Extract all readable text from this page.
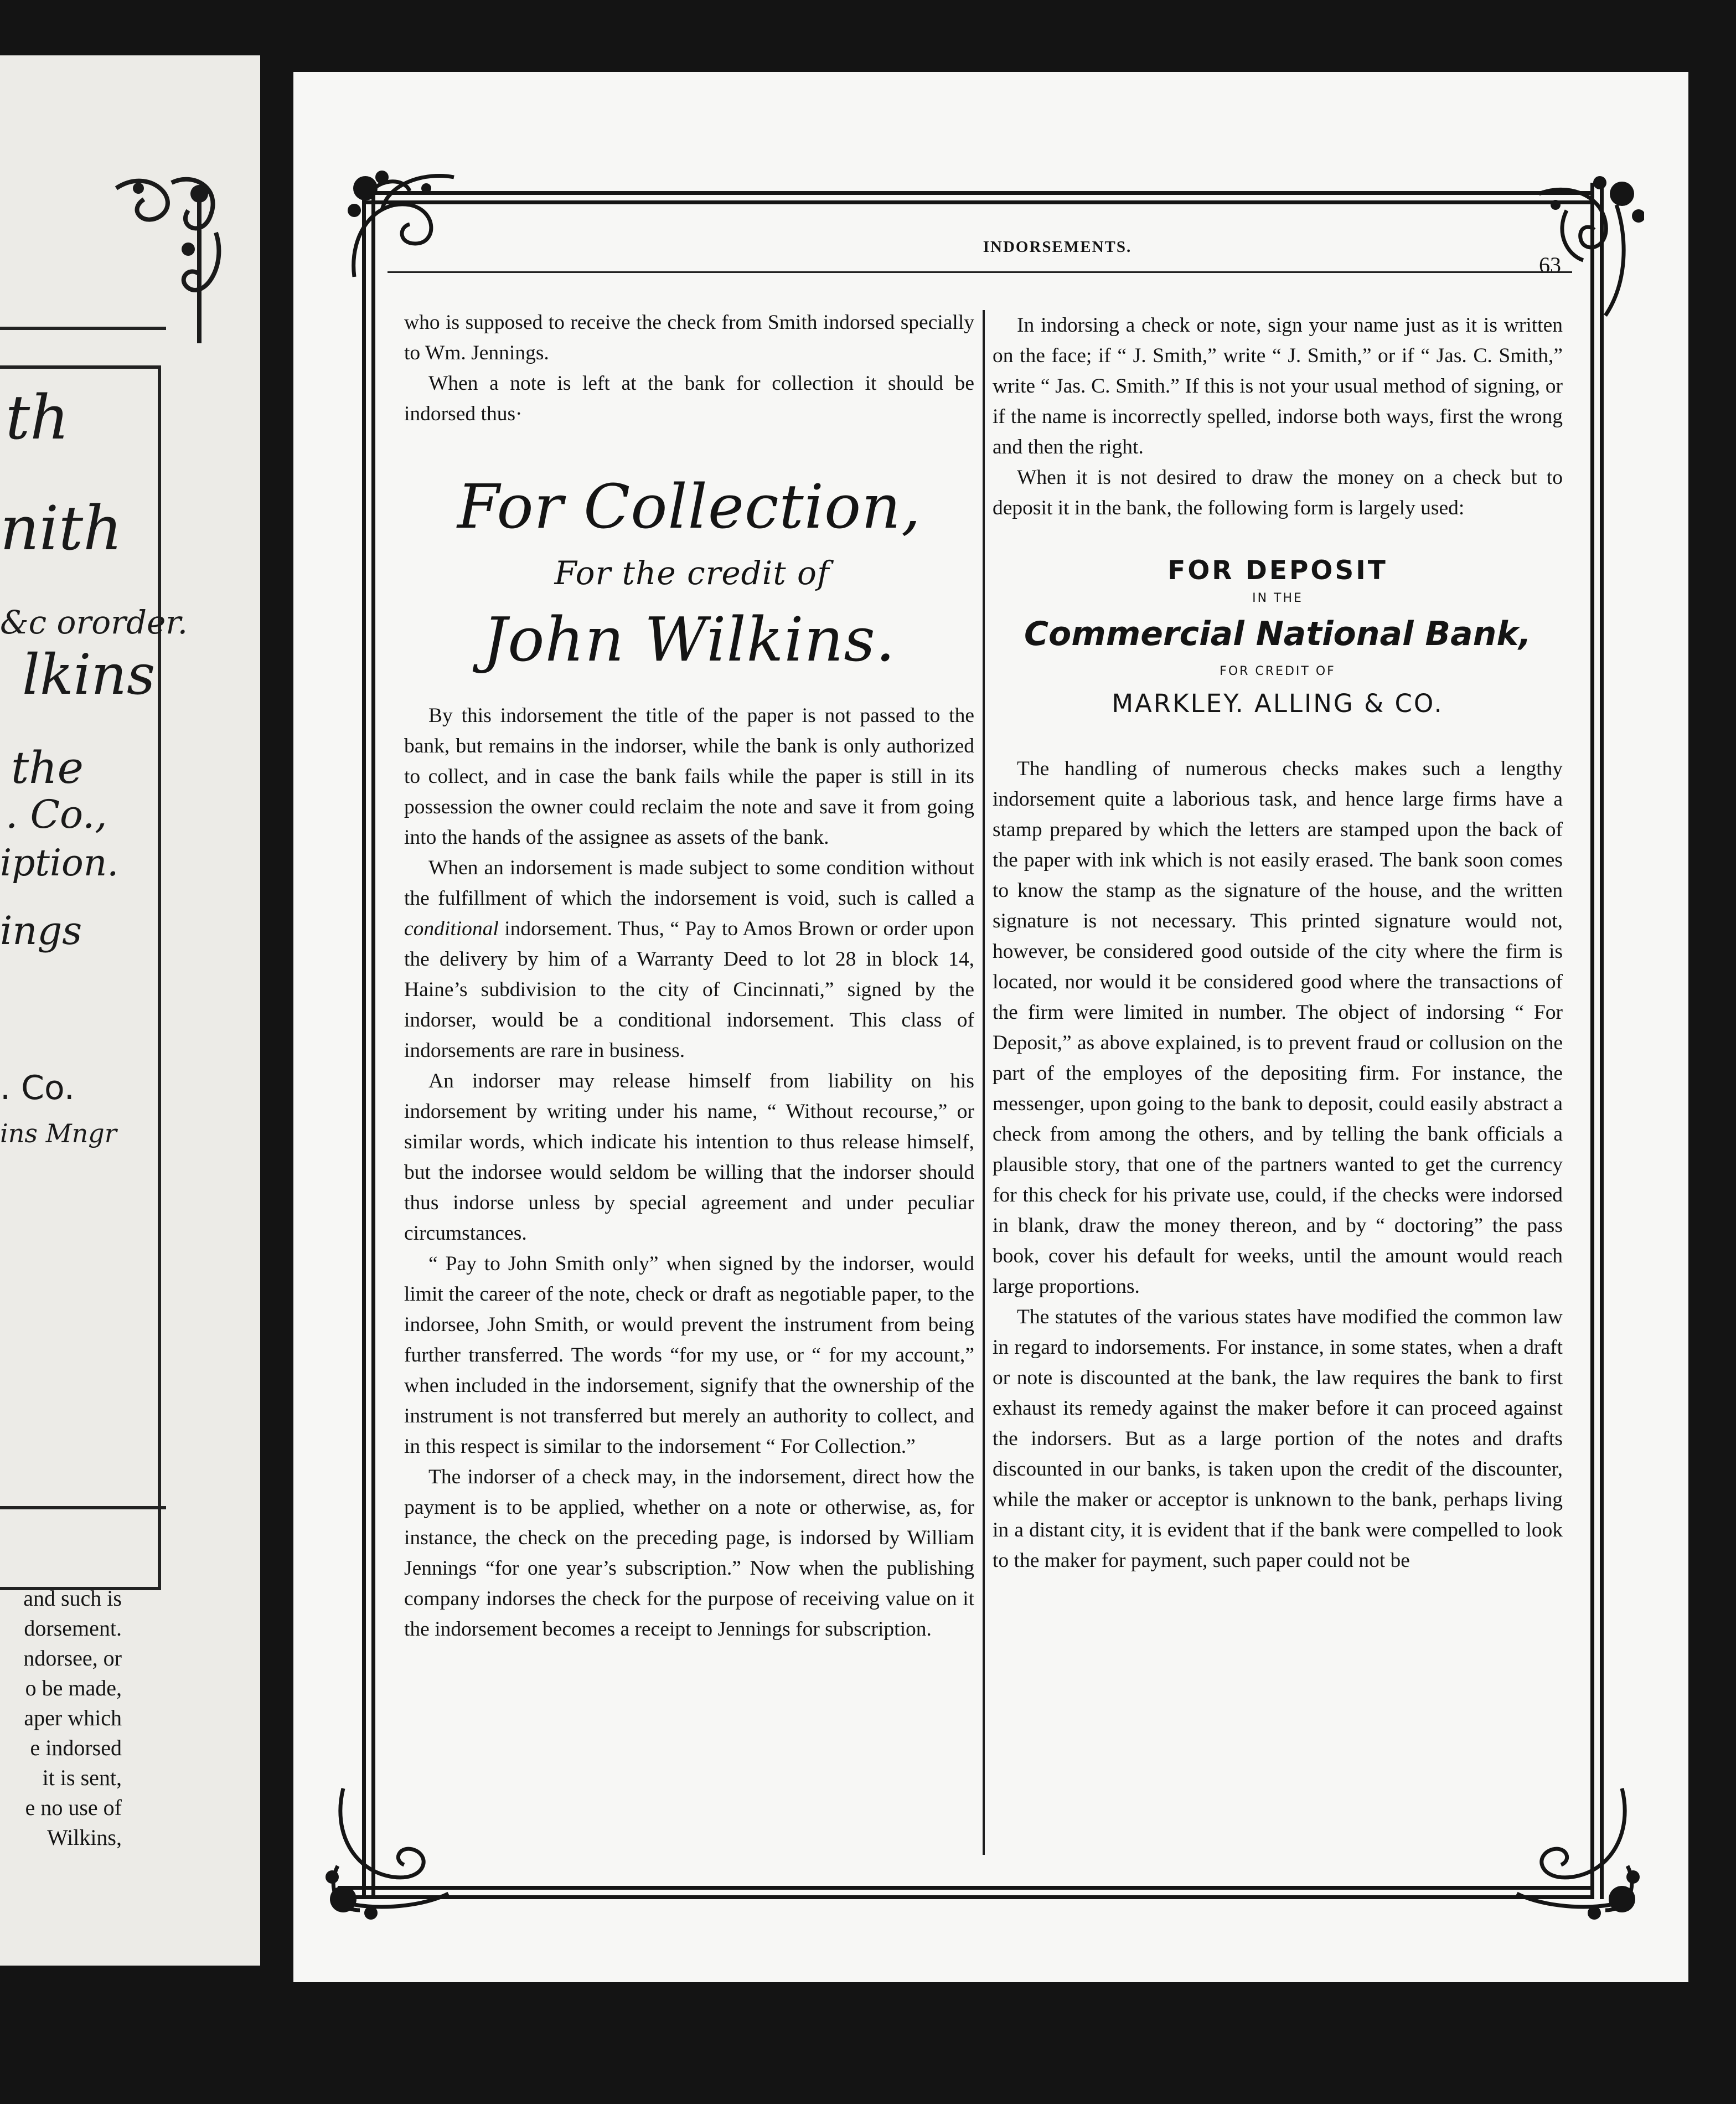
th
nith
&c ororder.
lkins
the
. Co.,
iption.
ings
. Co.
ins Mngr
and such is
dorsement.
ndorsee, or
o be made,
aper which
e indorsed
it is sent,
e no use of
Wilkins,
INDORSEMENTS.
63

who is supposed to receive the check from Smith indorsed specially to Wm. Jennings.

When a note is left at the bank for collection it should be indorsed thus·

For Collection,
For the credit of
John Wilkins.

By this indorsement the title of the paper is not passed to the bank, but remains in the indorser, while the bank is only authorized to collect, and in case the bank fails while the paper is still in its possession the owner could reclaim the note and save it from going into the hands of the assignee as assets of the bank.

When an indorsement is made subject to some condition without the fulfillment of which the indorsement is void, such is called a conditional indorsement. Thus, “ Pay to Amos Brown or order upon the delivery by him of a Warranty Deed to lot 28 in block 14, Haine’s subdivision to the city of Cincinnati,” signed by the indorser, would be a conditional indorsement. This class of indorsements are rare in business.

An indorser may release himself from liability on his indorsement by writing under his name, “ Without recourse,” or similar words, which indicate his intention to thus release himself, but the indorsee would seldom be willing that the indorser should thus indorse unless by special agreement and under peculiar circumstances.

“ Pay to John Smith only” when signed by the indorser, would limit the career of the note, check or draft as negotiable paper, to the indorsee, John Smith, or would prevent the instrument from being further transferred. The words “for my use, or “ for my account,” when included in the indorsement, signify that the ownership of the instrument is not transferred but merely an authority to collect, and in this respect is similar to the indorsement “ For Collection.”

The indorser of a check may, in the indorsement, direct how the payment is to be applied, whether on a note or otherwise, as, for instance, the check on the preceding page, is indorsed by William Jennings “for one year’s subscription.” Now when the publishing company indorses the check for the purpose of receiving value on it the indorsement becomes a receipt to Jennings for subscription.

In indorsing a check or note, sign your name just as it is written on the face; if “ J. Smith,” write “ J. Smith,” or if “ Jas. C. Smith,” write “ Jas. C. Smith.” If this is not your usual method of signing, or if the name is incorrectly spelled, indorse both ways, first the wrong and then the right.

When it is not desired to draw the money on a check but to deposit it in the bank, the following form is largely used:

FOR DEPOSIT
IN THE
Commercial National Bank,
FOR CREDIT OF
MARKLEY. ALLING & CO.

The handling of numerous checks makes such a lengthy indorsement quite a laborious task, and hence large firms have a stamp prepared by which the letters are stamped upon the back of the paper with ink which is not easily erased. The bank soon comes to know the stamp as the signature of the house, and the written signature is not necessary. This printed signature would not, however, be considered good outside of the city where the firm is located, nor would it be considered good where the transactions of the firm were limited in number. The object of indorsing “ For Deposit,” as above explained, is to prevent fraud or collusion on the part of the employes of the depositing firm. For instance, the messenger, upon going to the bank to deposit, could easily abstract a check from among the others, and by telling the bank officials a plausible story, that one of the partners wanted to get the currency for this check for his private use, could, if the checks were indorsed in blank, draw the money thereon, and by “ doctoring” the pass book, cover his default for weeks, until the amount would reach large proportions.

The statutes of the various states have modified the common law in regard to indorsements. For instance, in some states, when a draft or note is discounted at the bank, the law requires the bank to first exhaust its remedy against the maker before it can proceed against the indorsers. But as a large portion of the notes and drafts discounted in our banks, is taken upon the credit of the discounter, while the maker or acceptor is unknown to the bank, perhaps living in a distant city, it is evident that if the bank were compelled to look to the maker for payment, such paper could not be
